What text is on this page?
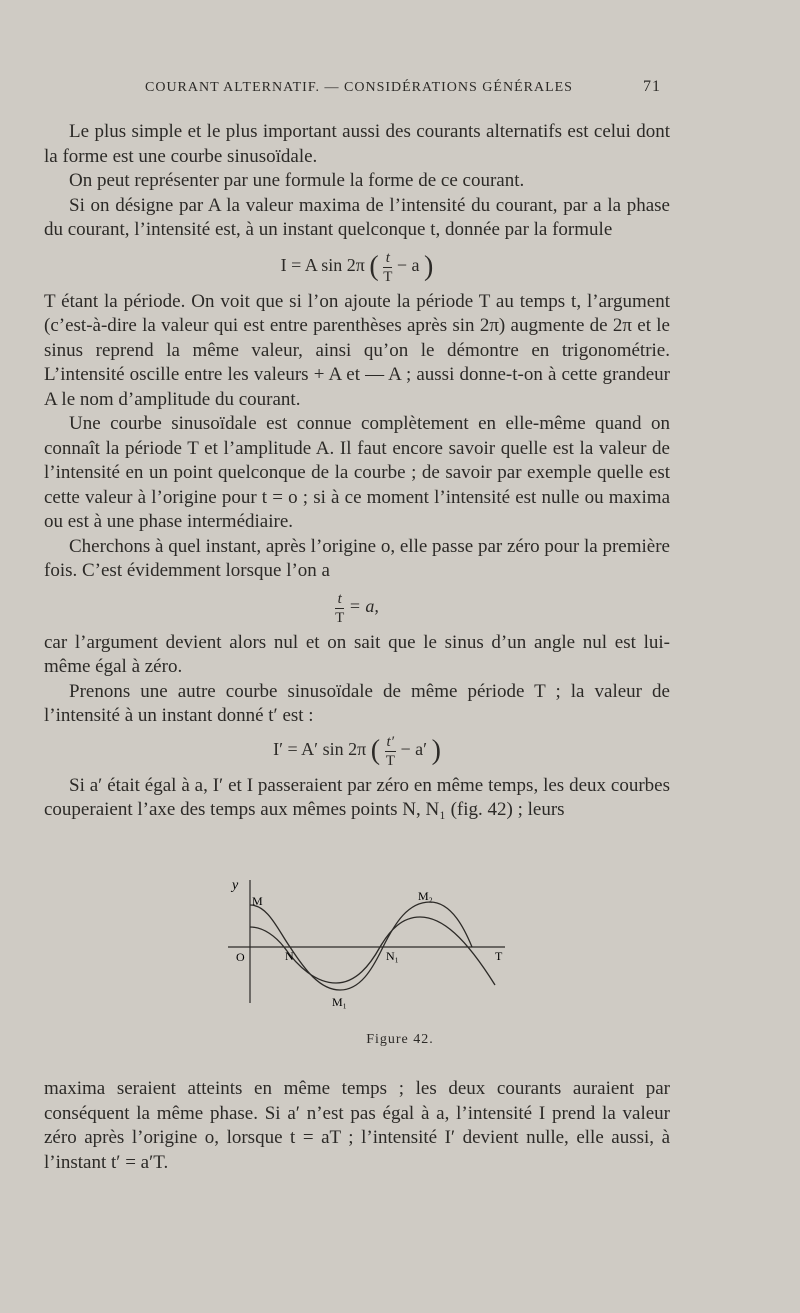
COURANT ALTERNATIF. — CONSIDÉRATIONS GÉNÉRALES	71

Le plus simple et le plus important aussi des courants alternatifs est celui dont la forme est une courbe sinusoïdale.

On peut représenter par une formule la forme de ce courant.

Si on désigne par A la valeur maxima de l’intensité du courant, par a la phase du courant, l’intensité est, à un instant quelconque t, donnée par la formule

I = A sin 2π ( $\frac{t}{T} - a$ )

T étant la période. On voit que si l’on ajoute la période T au temps t, l’argument (c’est-à-dire la valeur qui est entre parenthèses après sin 2π) augmente de 2π et le sinus reprend la même valeur, ainsi qu’on le démontre en trigonométrie. L’intensité oscille entre les valeurs + A et — A ; aussi donne-t-on à cette grandeur A le nom d’amplitude du courant.

Une courbe sinusoïdale est connue complètement en elle-même quand on connaît la période T et l’amplitude A. Il faut encore savoir quelle est la valeur de l’intensité en un point quelconque de la courbe ; de savoir par exemple quelle est cette valeur à l’origine pour t = o ; si à ce moment l’intensité est nulle ou maxima ou est à une phase intermédiaire.

Cherchons à quel instant, après l’origine o, elle passe par zéro pour la première fois. C’est évidemment lorsque l’on a

$\frac{t}{T} = a$,

car l’argument devient alors nul et on sait que le sinus d’un angle nul est lui-même égal à zéro.

Prenons une autre courbe sinusoïdale de même période T ; la valeur de l’intensité à un instant donné t′ est :

I′ = A′ sin 2π ( $\frac{t'}{T} - a'$ )

Si a′ était égal à a, I′ et I passeraient par zéro en même temps, les deux courbes couperaient l’axe des temps aux mêmes points N, N₁ (fig. 42) ; leurs

y
M	M₂
O	N	N₁	T
M₁
Figure 42.

maxima seraient atteints en même temps ; les deux courants auraient par conséquent la même phase. Si a′ n’est pas égal à a, l’intensité I prend la valeur zéro après l’origine o, lorsque t = aT ; l’intensité I′ devient nulle, elle aussi, à l’instant t′ = a′T.
